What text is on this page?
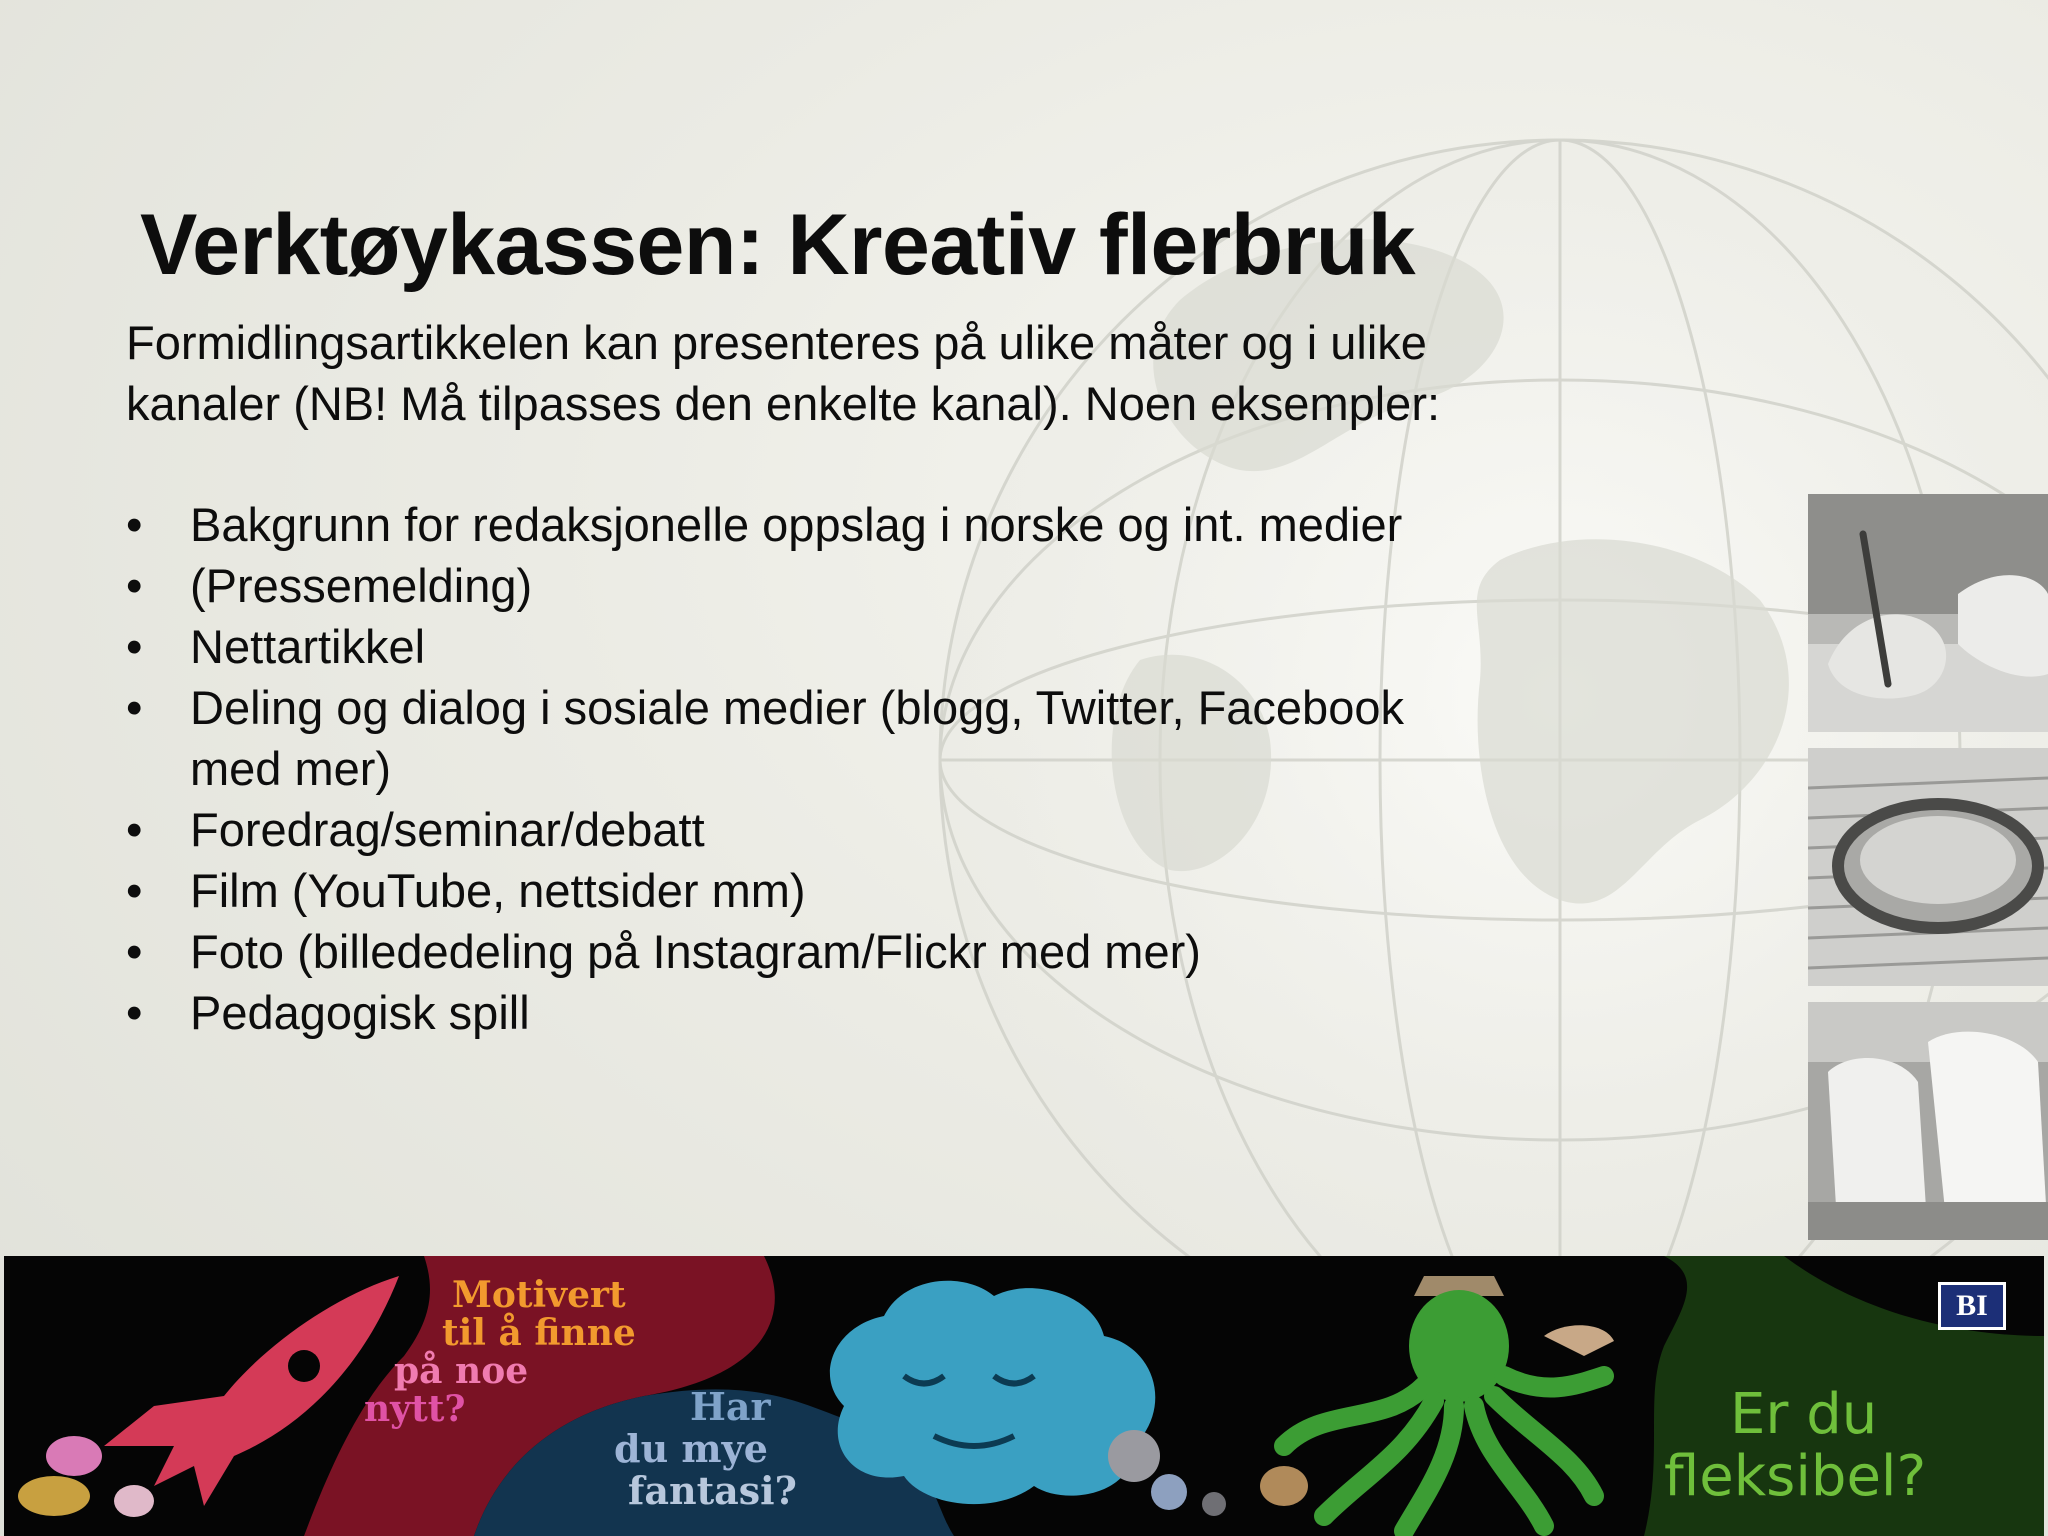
Verktøykassen: Kreativ flerbruk
Formidlingsartikkelen kan presenteres på ulike måter og i ulike
kanaler (NB! Må tilpasses den enkelte kanal). Noen eksempler:
• Bakgrunn for redaksjonelle oppslag i norske og int. medier
• (Pressemelding)
• Nettartikkel
• Deling og dialog i sosiale medier (blogg, Twitter, Facebook
med mer)
• Foredrag/seminar/debatt
• Film (YouTube, nettsider mm)
• Foto (billededeling på Instagram/Flickr med mer)
• Pedagogisk spill
Motivert
til å finne
på noe
nytt?	Har
du mye
fantasi?
Er du
fleksibel?
BI
